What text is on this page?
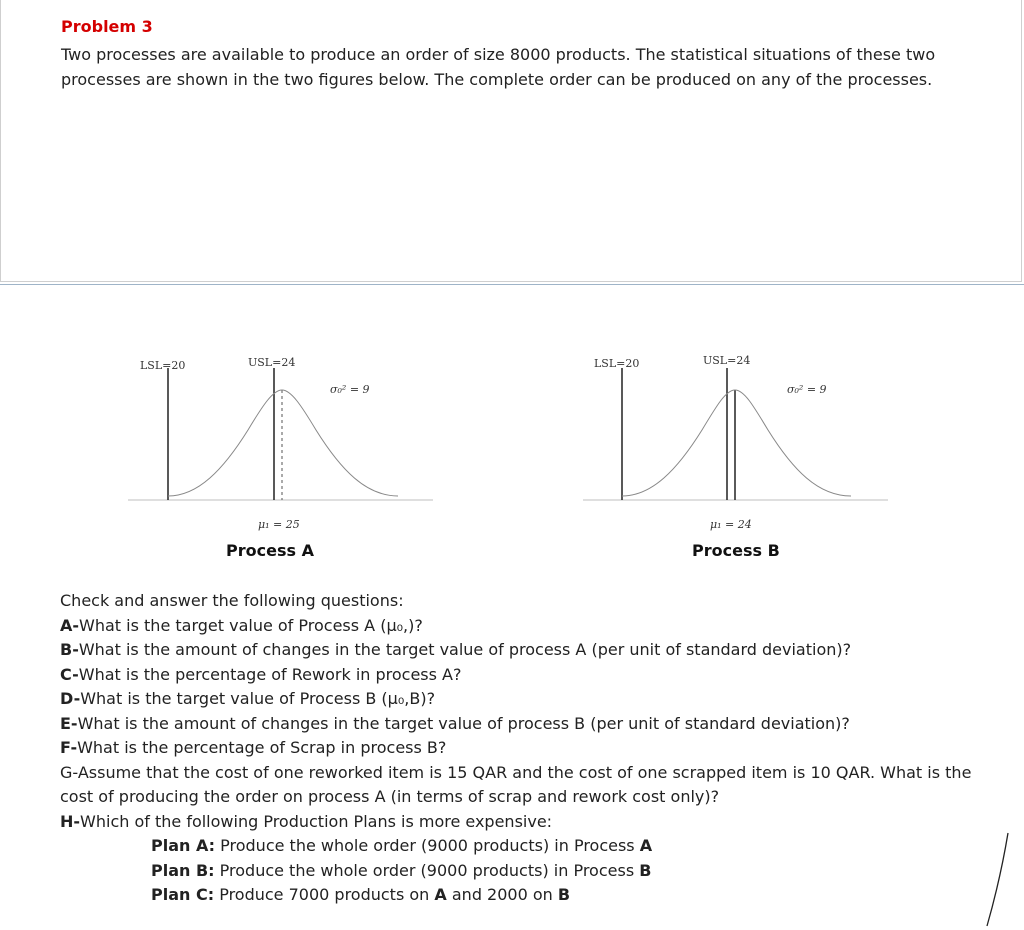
Problem 3
Two processes are available to produce an order of size 8000 products. The statistical situations of these two processes are shown in the two figures below. The complete order can be produced on any of the processes.
LSL=20	USL=24
σ₀² = 9
μ₁ = 25
Process A
LSL=20	USL=24
σ₀² = 9
μ₁ = 24
Process B
Check and answer the following questions:
A-What is the target value of Process A (μ₀,)?
B-What is the amount of changes in the target value of process A (per unit of standard deviation)?
C-What is the percentage of Rework in process A?
D-What is the target value of Process B (μ₀,B)?
E-What is the amount of changes in the target value of process B (per unit of standard deviation)?
F-What is the percentage of Scrap in process B?
G-Assume that the cost of one reworked item is 15 QAR and the cost of one scrapped item is 10 QAR. What is the cost of producing the order on process A (in terms of scrap and rework cost only)?
H-Which of the following Production Plans is more expensive:
Plan A: Produce the whole order (9000 products) in Process A
Plan B: Produce the whole order (9000 products) in Process B
Plan C: Produce 7000 products on A and 2000 on B
